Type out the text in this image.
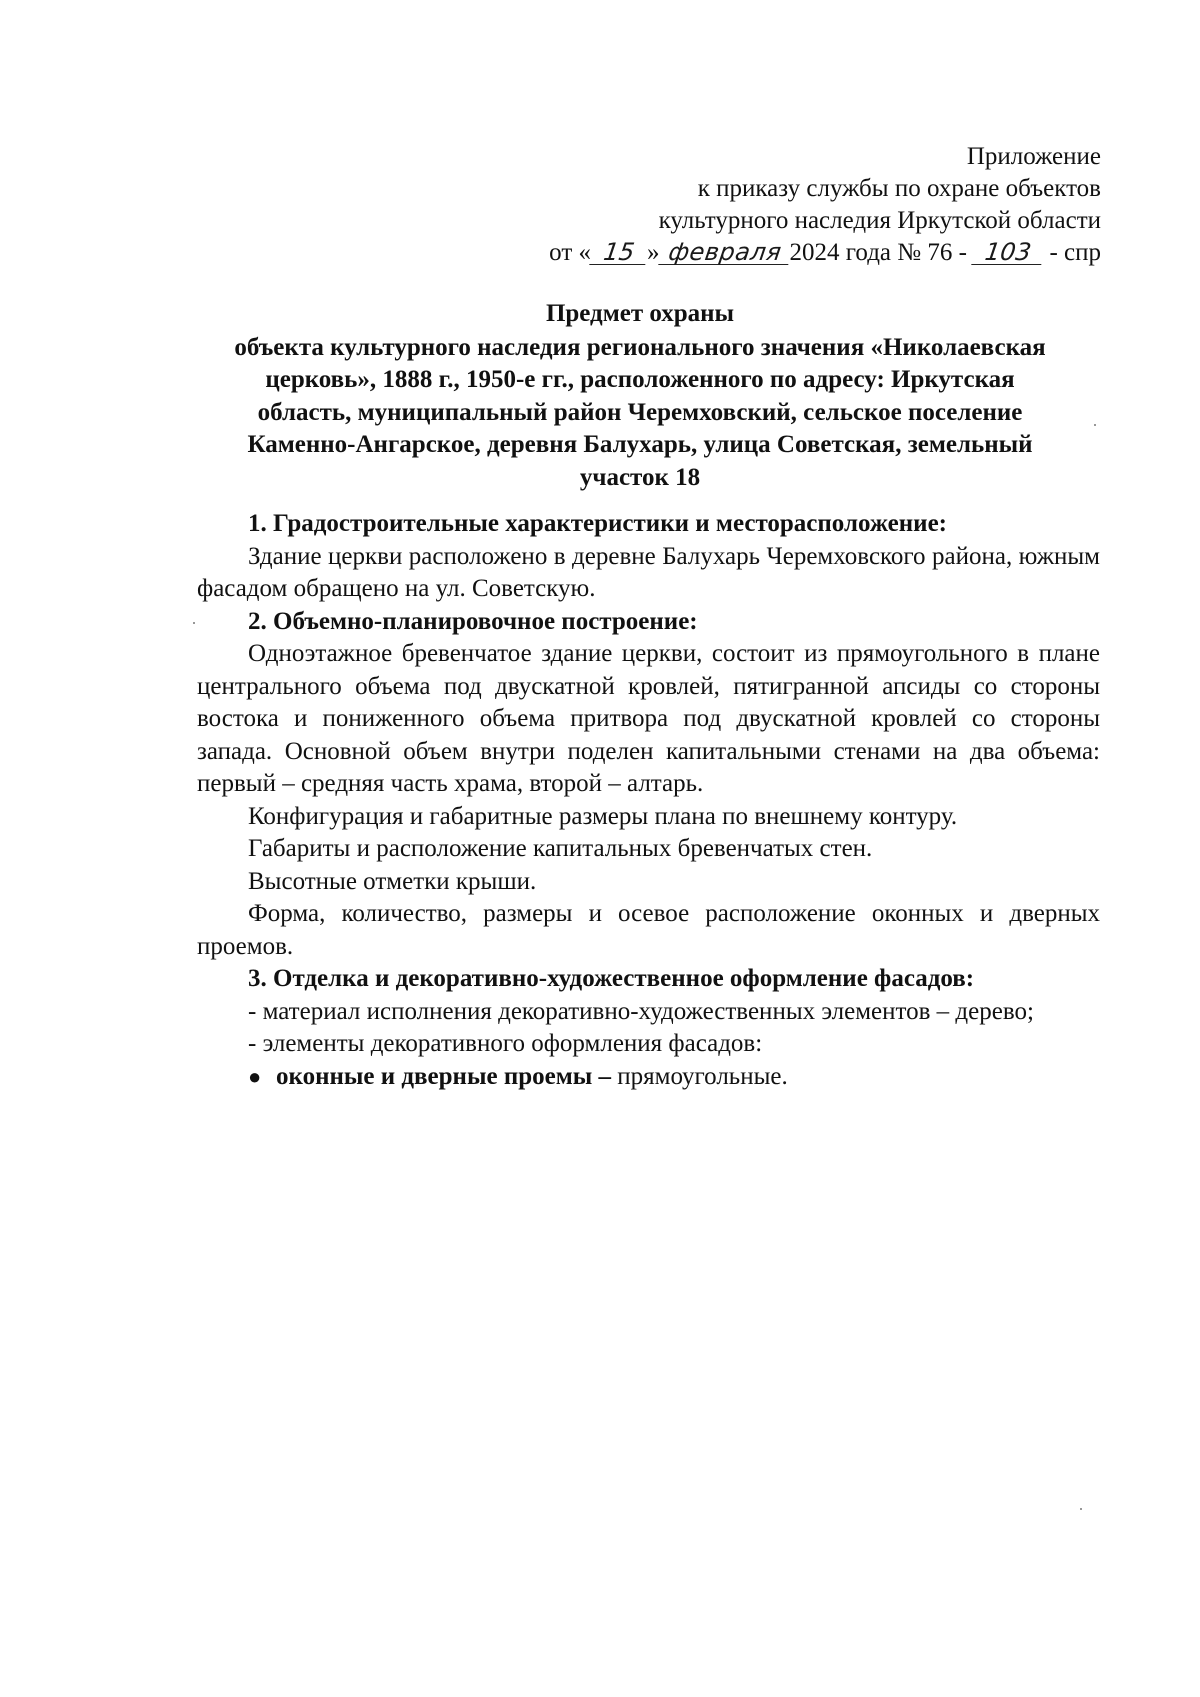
Приложение
к приказу службы по охране объектов
культурного наследия Иркутской области
от « 15 » февраля 2024 года № 76 - 103 - спр
Предмет охраны
объекта культурного наследия регионального значения «Николаевская
церковь», 1888 г., 1950-е гг., расположенного по адресу: Иркутская
область, муниципальный район Черемховский, сельское поселение
Каменно-Ангарское, деревня Балухарь, улица Советская, земельный
участок 18

1. Градостроительные характеристики и месторасположение:

Здание церкви расположено в деревне Балухарь Черемховского района, южным фасадом обращено на ул. Советскую.

2. Объемно-планировочное построение:

Одноэтажное бревенчатое здание церкви, состоит из прямоугольного в плане центрального объема под двускатной кровлей, пятигранной апсиды со стороны востока и пониженного объема притвора под двускатной кровлей со стороны запада. Основной объем внутри поделен капитальными стенами на два объема: первый – средняя часть храма, второй – алтарь.

Конфигурация и габаритные размеры плана по внешнему контуру.

Габариты и расположение капитальных бревенчатых стен.

Высотные отметки крыши.

Форма, количество, размеры и осевое расположение оконных и дверных проемов.

3. Отделка и декоративно-художественное оформление фасадов:

- материал исполнения декоративно-художественных элементов – дерево;

- элементы декоративного оформления фасадов:

● оконные и дверные проемы – прямоугольные.
